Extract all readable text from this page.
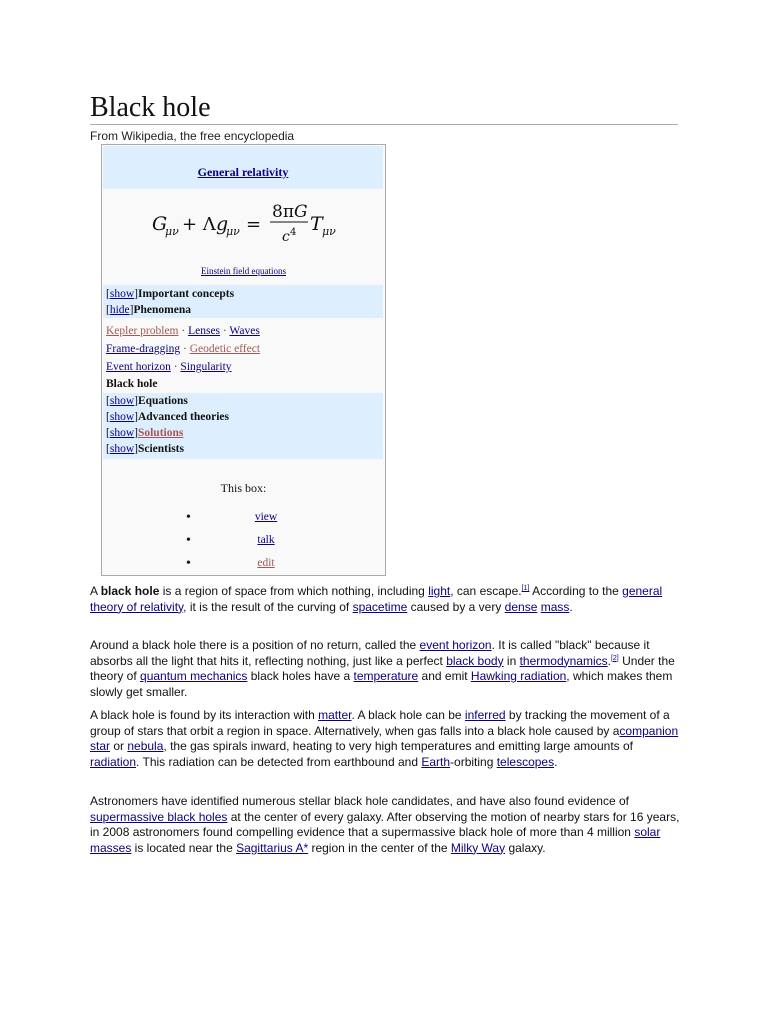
Black hole
From Wikipedia, the free encyclopedia
General relativity
G
μν + Λ g
μν =
8πG
c 4 T μν
Einstein field equations
[show]Important concepts
[hide]Phenomena
Kepler problem · Lenses · Waves
Frame-dragging · Geodetic effect
Event horizon · Singularity
Black hole
[show]Equations
[show]Advanced theories
[show]Solutions
[show]Scientists
This box:
•	view
•	talk
•	edit

A black hole is a region of space from which nothing, including light, can escape.[1] According to the general theory of relativity, it is the result of the curving of spacetime caused by a very dense mass.

Around a black hole there is a position of no return, called the event horizon. It is called "black" because it absorbs all the light that hits it, reflecting nothing, just like a perfect black body in thermodynamics.[2] Under the theory of quantum mechanics black holes have a temperature and emit Hawking radiation, which makes them slowly get smaller.

A black hole is found by its interaction with matter. A black hole can be inferred by tracking the movement of a group of stars that orbit a region in space. Alternatively, when gas falls into a black hole caused by acompanion star or nebula, the gas spirals inward, heating to very high temperatures and emitting large amounts of radiation. This radiation can be detected from earthbound and Earth-orbiting telescopes.

Astronomers have identified numerous stellar black hole candidates, and have also found evidence of supermassive black holes at the center of every galaxy. After observing the motion of nearby stars for 16 years, in 2008 astronomers found compelling evidence that a supermassive black hole of more than 4 million solar masses is located near the Sagittarius A* region in the center of the Milky Way galaxy.
